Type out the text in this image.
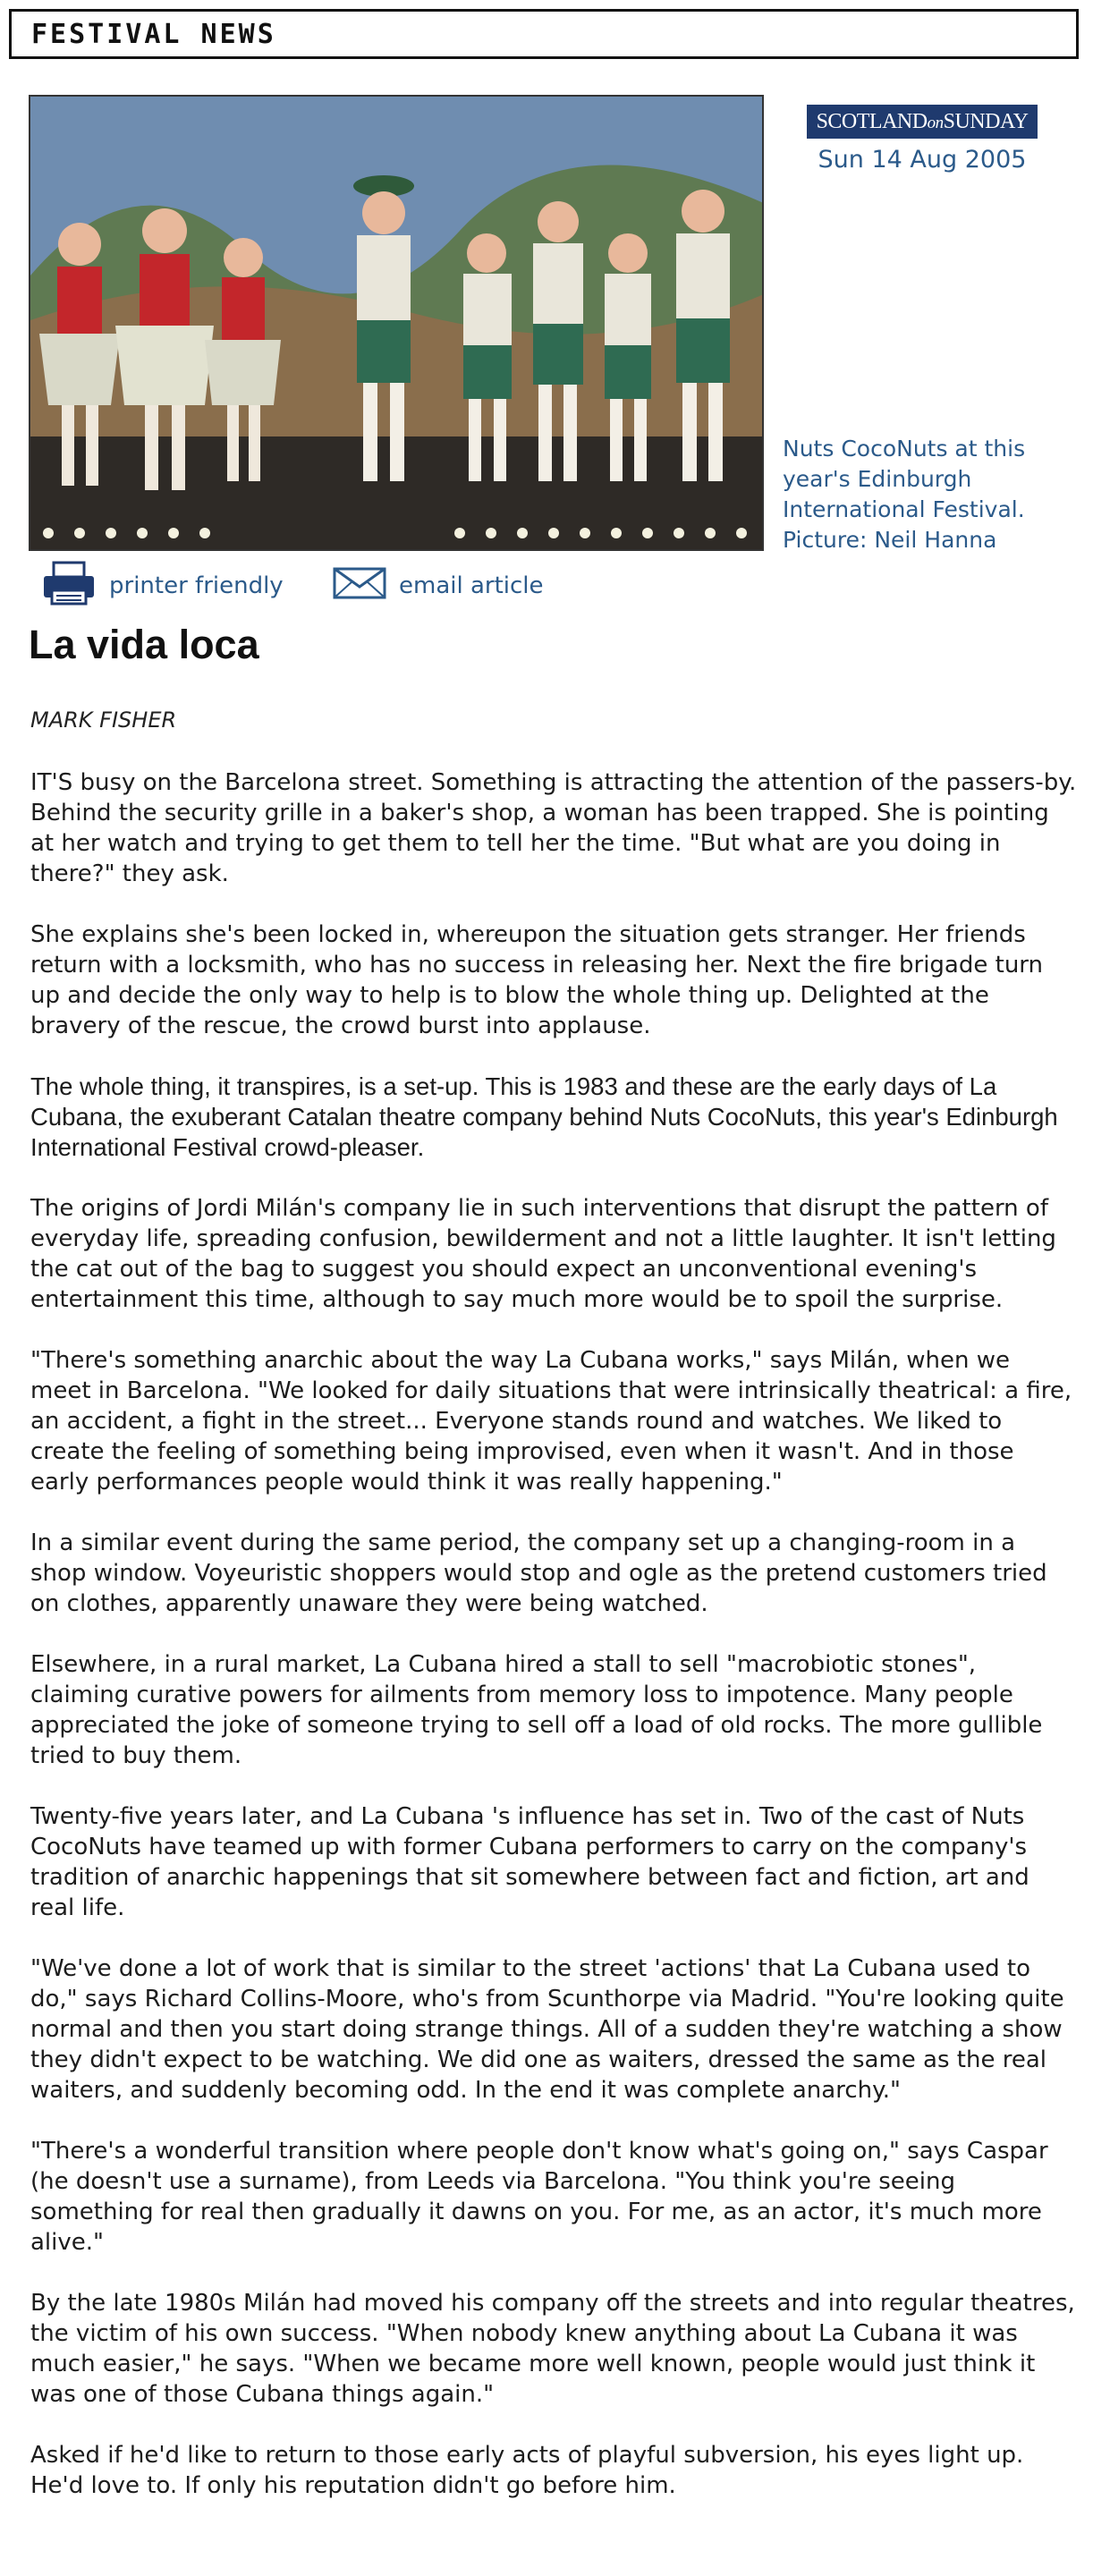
FESTIVAL NEWS
SCOTLANDonSUNDAY
Sun 14 Aug 2005
Nuts CocoNuts at this year's Edinburgh International Festival. Picture: Neil Hanna
printer friendly	email article
La vida loca
MARK FISHER

IT'S busy on the Barcelona street. Something is attracting the attention of the passers-by. Behind the security grille in a baker's shop, a woman has been trapped. She is pointing at her watch and trying to get them to tell her the time. "But what are you doing in there?" they ask.

She explains she's been locked in, whereupon the situation gets stranger. Her friends return with a locksmith, who has no success in releasing her. Next the fire brigade turn up and decide the only way to help is to blow the whole thing up. Delighted at the bravery of the rescue, the crowd burst into applause.

The whole thing, it transpires, is a set-up. This is 1983 and these are the early days of La Cubana, the exuberant Catalan theatre company behind Nuts CocoNuts, this year's Edinburgh International Festival crowd-pleaser.

The origins of Jordi Milán's company lie in such interventions that disrupt the pattern of everyday life, spreading confusion, bewilderment and not a little laughter. It isn't letting the cat out of the bag to suggest you should expect an unconventional evening's entertainment this time, although to say much more would be to spoil the surprise.

"There's something anarchic about the way La Cubana works," says Milán, when we meet in Barcelona. "We looked for daily situations that were intrinsically theatrical: a fire, an accident, a fight in the street... Everyone stands round and watches. We liked to create the feeling of something being improvised, even when it wasn't. And in those early performances people would think it was really happening."

In a similar event during the same period, the company set up a changing-room in a shop window. Voyeuristic shoppers would stop and ogle as the pretend customers tried on clothes, apparently unaware they were being watched.

Elsewhere, in a rural market, La Cubana hired a stall to sell "macrobiotic stones", claiming curative powers for ailments from memory loss to impotence. Many people appreciated the joke of someone trying to sell off a load of old rocks. The more gullible tried to buy them.

Twenty-five years later, and La Cubana 's influence has set in. Two of the cast of Nuts CocoNuts have teamed up with former Cubana performers to carry on the company's tradition of anarchic happenings that sit somewhere between fact and fiction, art and real life.

"We've done a lot of work that is similar to the street 'actions' that La Cubana used to do," says Richard Collins-Moore, who's from Scunthorpe via Madrid. "You're looking quite normal and then you start doing strange things. All of a sudden they're watching a show they didn't expect to be watching. We did one as waiters, dressed the same as the real waiters, and suddenly becoming odd. In the end it was complete anarchy."

"There's a wonderful transition where people don't know what's going on," says Caspar (he doesn't use a surname), from Leeds via Barcelona. "You think you're seeing something for real then gradually it dawns on you. For me, as an actor, it's much more alive."

By the late 1980s Milán had moved his company off the streets and into regular theatres, the victim of his own success. "When nobody knew anything about La Cubana it was much easier," he says. "When we became more well known, people would just think it was one of those Cubana things again."

Asked if he'd like to return to those early acts of playful subversion, his eyes light up. He'd love to. If only his reputation didn't go before him.
